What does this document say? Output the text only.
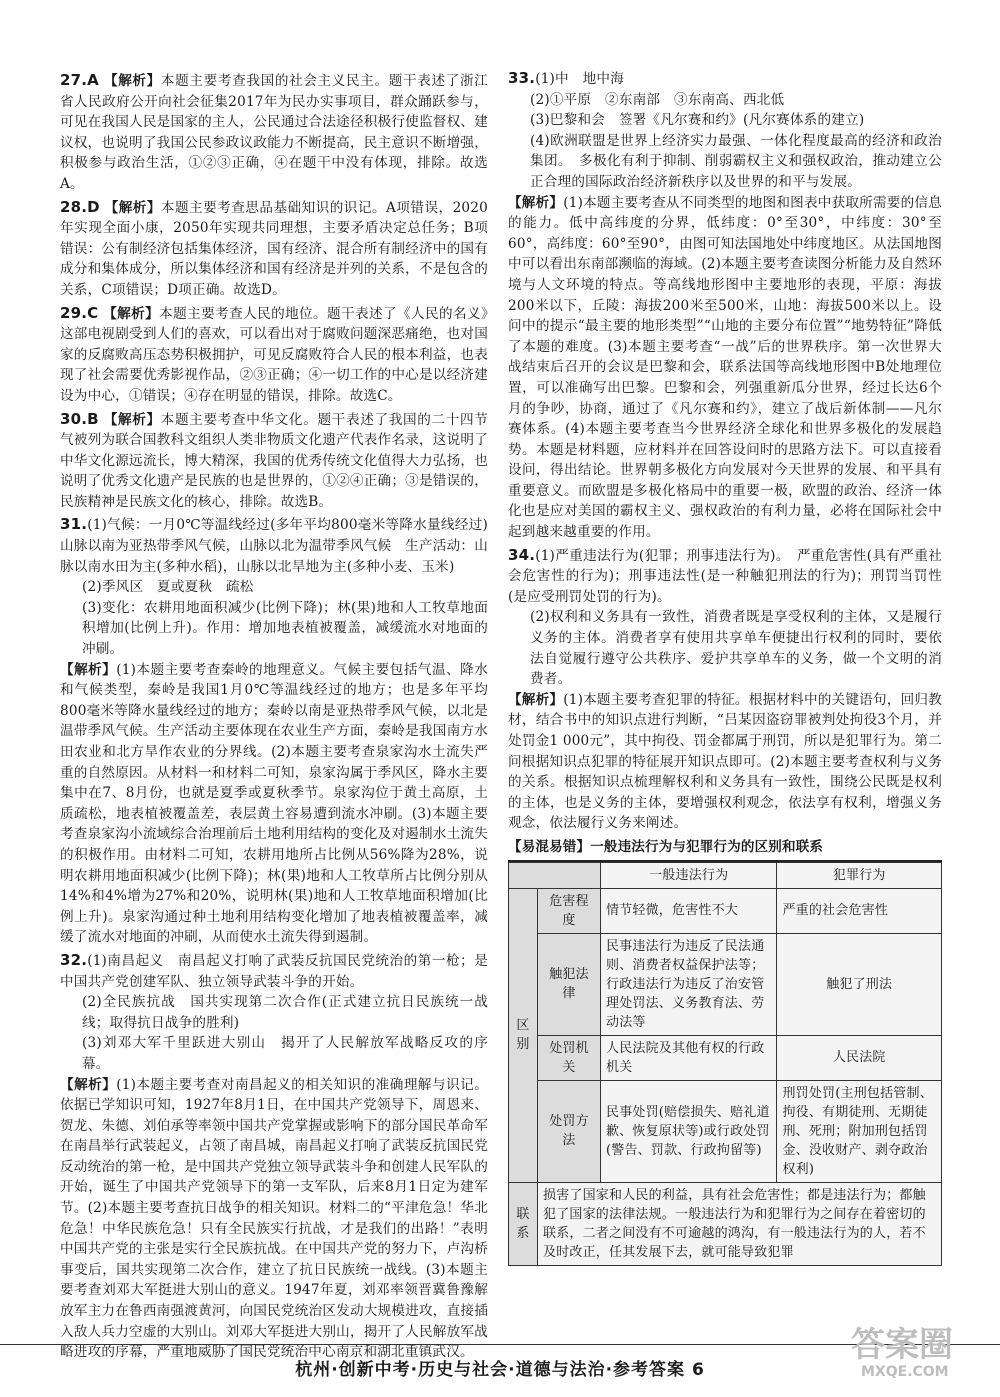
27.A 【解析】本题主要考查我国的社会主义民主。题干表述了浙江省人民政府公开向社会征集2017年为民办实事项目，群众踊跃参与，可见在我国人民是国家的主人，公民通过合法途径积极行使监督权、建议权，也说明了我国公民参政议政能力不断提高，民主意识不断增强，积极参与政治生活，①②③正确，④在题干中没有体现，排除。故选A。
28.D 【解析】本题主要考查思品基础知识的识记。A项错误，2020年实现全面小康，2050年实现共同理想，主要矛盾决定总任务；B项错误：公有制经济包括集体经济，国有经济、混合所有制经济中的国有成分和集体成分，所以集体经济和国有经济是并列的关系，不是包含的关系，C项错误；D项正确。故选D。
29.C 【解析】本题主要考查人民的地位。题干表述了《人民的名义》这部电视剧受到人们的喜欢，可以看出对于腐败问题深恶痛绝，也对国家的反腐败高压态势积极拥护，可见反腐败符合人民的根本利益，也表现了社会需要优秀影视作品，②③正确；④一切工作的中心是以经济建设为中心，①错误；④存在明显的错误，排除。故选C。
30.B 【解析】本题主要考查中华文化。题干表述了我国的二十四节气被列为联合国教科文组织人类非物质文化遗产代表作名录，这说明了中华文化源远流长，博大精深，我国的优秀传统文化值得大力弘扬，也说明了优秀文化遗产是民族的也是世界的，①②④正确；③是错误的，民族精神是民族文化的核心，排除。故选B。
31.(1)气候：一月0℃等温线经过(多年平均800毫米等降水量线经过)山脉以南为亚热带季风气候，山脉以北为温带季风气候　生产活动：山脉以南水田为主(多种水稻)，山脉以北旱地为主(多种小麦、玉米)
(2)季风区　夏或夏秋　疏松
(3)变化：农耕用地面积减少(比例下降)；林(果)地和人工牧草地面积增加(比例上升)。作用：增加地表植被覆盖，减缓流水对地面的冲刷。
【解析】(1)本题主要考查秦岭的地理意义。气候主要包括气温、降水和气候类型，秦岭是我国1月0℃等温线经过的地方；也是多年平均800毫米等降水量线经过的地方；秦岭以南是亚热带季风气候，以北是温带季风气候。生产活动主要体现在农业生产方面，秦岭是我国南方水田农业和北方旱作农业的分界线。(2)本题主要考查泉家沟水土流失严重的自然原因。从材料一和材料二可知，泉家沟属于季风区，降水主要集中在7、8月份，也就是夏季或夏秋季节。泉家沟位于黄土高原，土质疏松，地表植被覆盖差，表层黄土容易遭到流水冲刷。(3)本题主要考查泉家沟小流域综合治理前后土地利用结构的变化及对遏制水土流失的积极作用。由材料二可知，农耕用地所占比例从56%降为28%，说明农耕用地面积减少(比例下降)；林(果)地和人工牧草所占比例分别从14%和4%增为27%和20%，说明林(果)地和人工牧草地面积增加(比例上升)。泉家沟通过种土地利用结构变化增加了地表植被覆盖率，减缓了流水对地面的冲刷，从而使水土流失得到遏制。
32.(1)南昌起义　南昌起义打响了武装反抗国民党统治的第一枪；是中国共产党创建军队、独立领导武装斗争的开始。
(2)全民族抗战　国共实现第二次合作(正式建立抗日民族统一战线；取得抗日战争的胜利)
(3)刘邓大军千里跃进大别山　揭开了人民解放军战略反攻的序幕。
【解析】(1)本题主要考查对南昌起义的相关知识的准确理解与识记。依据已学知识可知，1927年8月1日，在中国共产党领导下，周恩来、贺龙、朱德、刘伯承等率领中国共产党掌握或影响下的部分国民革命军在南昌举行武装起义，占领了南昌城，南昌起义打响了武装反抗国民党反动统治的第一枪，是中国共产党独立领导武装斗争和创建人民军队的开始，诞生了中国共产党领导下的第一支军队，后来8月1日定为建军节。(2)本题主要考查抗日战争的相关知识。材料二的“平津危急！华北危急！中华民族危急！只有全民族实行抗战，才是我们的出路！”表明中国共产党的主张是实行全民族抗战。在中国共产党的努力下，卢沟桥事变后，国共实现第二次合作，建立了抗日民族统一战线。(3)本题主要考查刘邓大军挺进大别山的意义。1947年夏，刘邓率领晋冀鲁豫解放军主力在鲁西南强渡黄河，向国民党统治区发动大规模进攻，直接插入敌人兵力空虚的大别山。刘邓大军挺进大别山，揭开了人民解放军战略进攻的序幕，严重地威胁了国民党统治中心南京和湖北重镇武汉。
33.(1)中　地中海
(2)①平原　②东南部　③东南高、西北低
(3)巴黎和会　签署《凡尔赛和约》(凡尔赛体系的建立)
(4)欧洲联盟是世界上经济实力最强、一体化程度最高的经济和政治集团。　多极化有利于抑制、削弱霸权主义和强权政治，推动建立公正合理的国际政治经济新秩序以及世界的和平与发展。
【解析】(1)本题主要考查从不同类型的地图和图表中获取所需要的信息的能力。低中高纬度的分界，低纬度：0°至30°，中纬度：30°至60°，高纬度：60°至90°，由图可知法国地处中纬度地区。从法国地图中可以看出东南部濒临的海域。(2)本题主要考查读图分析能力及自然环境与人文环境的特点。等高线地形图中主要地形的表现，平原：海拔200米以下，丘陵：海拔200米至500米，山地：海拔500米以上。设问中的提示“最主要的地形类型”“山地的主要分布位置”“地势特征”降低了本题的难度。(3)本题主要考查“一战”后的世界秩序。第一次世界大战结束后召开的会议是巴黎和会，联系法国等高线地形图中B处地理位置，可以准确写出巴黎。巴黎和会，列强重新瓜分世界，经过长达6个月的争吵，协商，通过了《凡尔赛和约》，建立了战后新体制——凡尔赛体系。(4)本题主要考查当今世界经济全球化和世界多极化的发展趋势。本题是材料题，应材料并在回答设问时的思路方法下。可以直接看设问，得出结论。世界朝多极化方向发展对今天世界的发展、和平具有重要意义。而欧盟是多极化格局中的重要一极，欧盟的政治、经济一体化也是应对美国的霸权主义、强权政治的有利力量，必将在国际社会中起到越来越重要的作用。
34.(1)严重违法行为(犯罪；刑事违法行为)。　严重危害性(具有严重社会危害性的行为)；刑事违法性(是一种触犯刑法的行为)；刑罚当罚性(是应受刑罚处罚的行为)。
(2)权利和义务具有一致性，消费者既是享受权利的主体，又是履行义务的主体。消费者享有使用共享单车便捷出行权利的同时，要依法自觉履行遵守公共秩序、爱护共享单车的义务，做一个文明的消费者。
【解析】(1)本题主要考查犯罪的特征。根据材料中的关键语句，回归教材，结合书中的知识点进行判断，“吕某因盗窃罪被判处拘役3个月，并处罚金1 000元”，其中拘役、罚金都属于刑罚，所以是犯罪行为。第二问根据知识点犯罪的特征展开知识点即可。(2)本题主要考查权利与义务的关系。根据知识点梳理解权利和义务具有一致性，围绕公民既是权利的主体，也是义务的主体，要增强权利观念，依法享有权利，增强义务观念，依法履行义务来阐述。
【易混易错】一般违法行为与犯罪行为的区别和联系
		一般违法行为	犯罪行为
区别	危害程度	情节轻微，危害性不大	严重的社会危害性
	触犯法律	民事违法行为违反了民法通则、消费者权益保护法等；行政违法行为违反了治安管理处罚法、义务教育法、劳动法等	触犯了刑法
	处罚机关	人民法院及其他有权的行政机关	人民法院
	处罚方法	民事处罚(赔偿损失、赔礼道歉、恢复原状等)或行政处罚(警告、罚款、行政拘留等)	刑罚处罚(主刑包括管制、拘役、有期徒刑、无期徒刑、死刑；附加刑包括罚金、没收财产、剥夺政治权利)
联系	损害了国家和人民的利益，具有社会危害性；都是违法行为；都触犯了国家的法律法规。一般违法行为和犯罪行为之间存在着密切的联系，二者之间没有不可逾越的鸿沟，有一般违法行为的人，若不及时改正，任其发展下去，就可能导致犯罪		
杭州·创新中考·历史与社会·道德与法治·参考答案 6
答案圈
MXQE.COM
